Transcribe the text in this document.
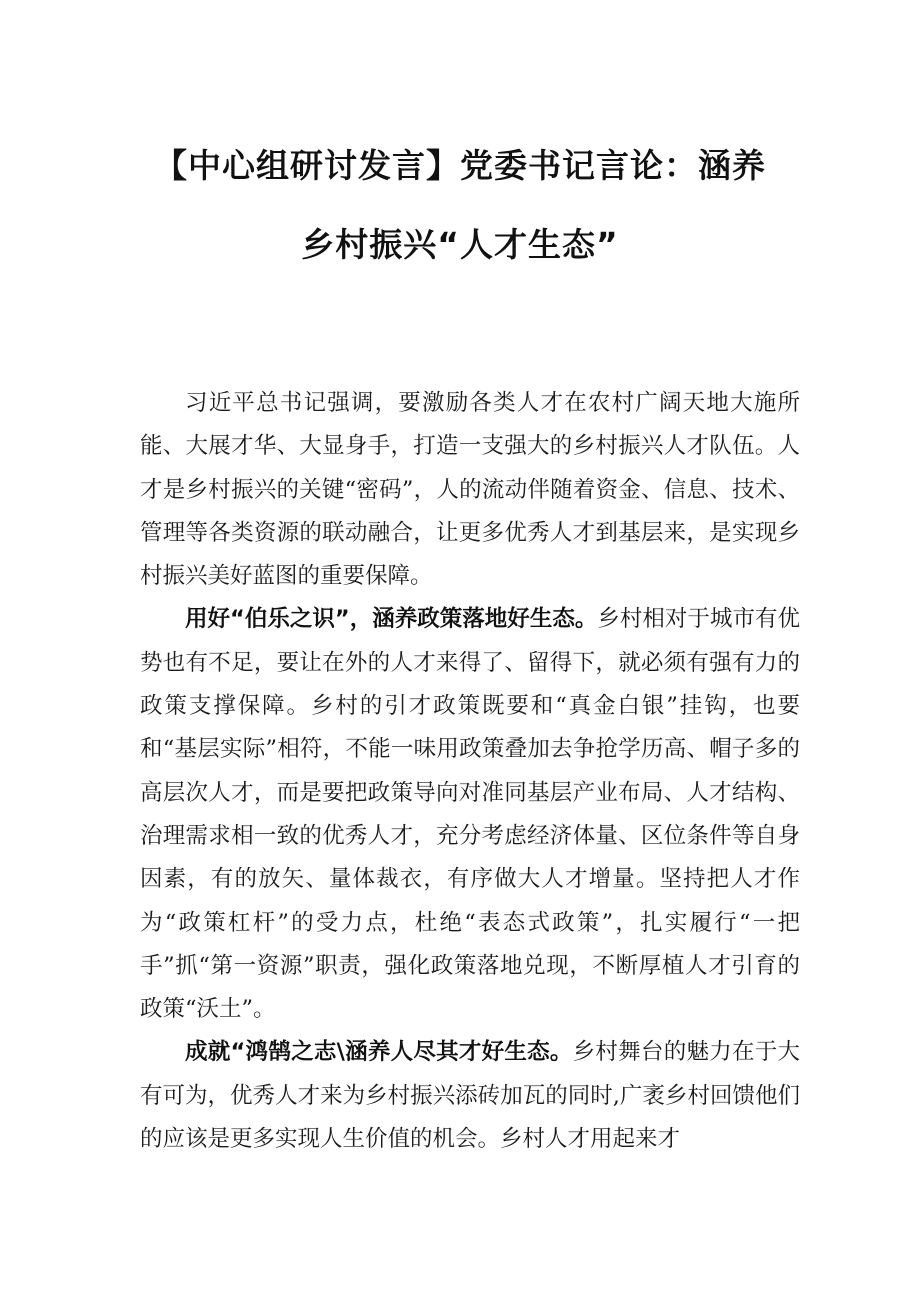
【中心组研讨发言】党委书记言论：涵养
乡村振兴“人才生态”

习近平总书记强调，要激励各类人才在农村广阔天地大施所能、大展才华、大显身手，打造一支强大的乡村振兴人才队伍。人才是乡村振兴的关键“密码”，人的流动伴随着资金、信息、技术、管理等各类资源的联动融合，让更多优秀人才到基层来，是实现乡村振兴美好蓝图的重要保障。

用好“伯乐之识”，涵养政策落地好生态。乡村相对于城市有优势也有不足，要让在外的人才来得了、留得下，就必须有强有力的政策支撑保障。乡村的引才政策既要和“真金白银”挂钩，也要和“基层实际”相符，不能一味用政策叠加去争抢学历高、帽子多的高层次人才，而是要把政策导向对准同基层产业布局、人才结构、治理需求相一致的优秀人才，充分考虑经济体量、区位条件等自身因素，有的放矢、量体裁衣，有序做大人才增量。坚持把人才作为“政策杠杆”的受力点，杜绝“表态式政策”，扎实履行“一把手”抓“第一资源”职责，强化政策落地兑现，不断厚植人才引育的政策“沃土”。

成就“鸿鹄之志\涵养人尽其才好生态。乡村舞台的魅力在于大有可为，优秀人才来为乡村振兴添砖加瓦的同时,广袤乡村回馈他们的应该是更多实现人生价值的机会。乡村人才用起来才
